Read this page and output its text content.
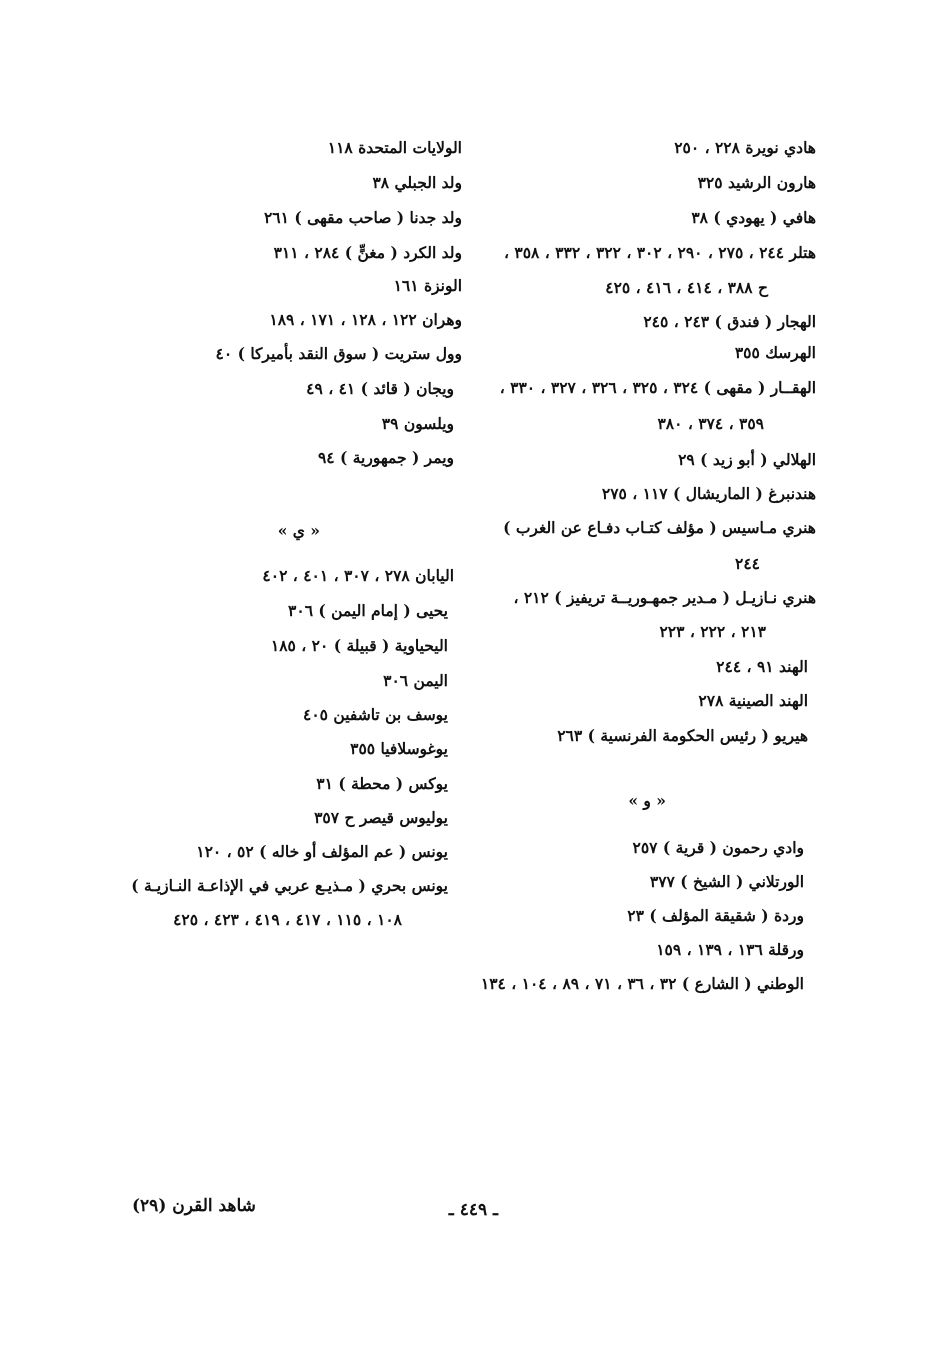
هادي نويرة ٢٢٨ ، ٢٥٠
هارون الرشيد ٣٢٥
هافي ( يهودي ) ٣٨
هتلر ٢٤٤ ، ٢٧٥ ، ٢٩٠ ، ٣٠٢ ، ٣٢٢ ، ٣٣٢ ، ٣٥٨ ،
ح ٣٨٨ ، ٤١٤ ، ٤١٦ ، ٤٢٥
الهجار ( فندق ) ٢٤٣ ، ٢٤٥
الهرسك ٣٥٥
الهقــار ( مقهى ) ٣٢٤ ، ٣٢٥ ، ٣٢٦ ، ٣٢٧ ، ٣٣٠ ،
٣٥٩ ، ٣٧٤ ، ٣٨٠
الهلالي ( أبو زيد ) ٢٩
هندنبرغ ( الماريشال ) ١١٧ ، ٢٧٥
هنري مـاسيس ( مؤلف كتـاب دفـاع عن الغرب )
٢٤٤
هنري نـازيـل ( مـدير جمهـوريــة تريفيز ) ٢١٢ ،
٢١٣ ، ٢٢٢ ، ٢٢٣
الهند ٩١ ، ٢٤٤
الهند الصينية ٢٧٨
هيريو ( رئيس الحكومة الفرنسية ) ٢٦٣
« و »
وادي رحمون ( قرية ) ٢٥٧
الورتلاني ( الشيخ ) ٣٧٧
وردة ( شقيقة المؤلف ) ٢٣
ورقلة ١٣٦ ، ١٣٩ ، ١٥٩
الوطني ( الشارع ) ٣٢ ، ٣٦ ، ٧١ ، ٨٩ ، ١٠٤ ، ١٣٤
الولايات المتحدة ١١٨
ولد الجبلي ٣٨
ولد جدنا ( صاحب مقهى ) ٢٦١
ولد الكرد ( مغنٍّ ) ٢٨٤ ، ٣١١
الونزة ١٦١
وهران ١٢٢ ، ١٢٨ ، ١٧١ ، ١٨٩
وول ستريت ( سوق النقد بأميركا ) ٤٠
ويجان ( قائد ) ٤١ ، ٤٩
ويلسون ٣٩
ويمر ( جمهورية ) ٩٤
« ي »
اليابان ٢٧٨ ، ٣٠٧ ، ٤٠١ ، ٤٠٢
يحيى ( إمام اليمن ) ٣٠٦
اليحياوية ( قبيلة ) ٢٠ ، ١٨٥
اليمن ٣٠٦
يوسف بن تاشفين ٤٠٥
يوغوسلافيا ٣٥٥
يوكس ( محطة ) ٣١
يوليوس قيصر ح ٣٥٧
يونس ( عم المؤلف أو خاله ) ٥٢ ، ١٢٠
يونس بحري ( مـذيـع عربي في الإذاعـة النـازيـة )
١٠٨ ، ١١٥ ، ٤١٧ ، ٤١٩ ، ٤٢٣ ، ٤٢٥
ـ ٤٤٩ ـ
شاهد القرن (٢٩)
